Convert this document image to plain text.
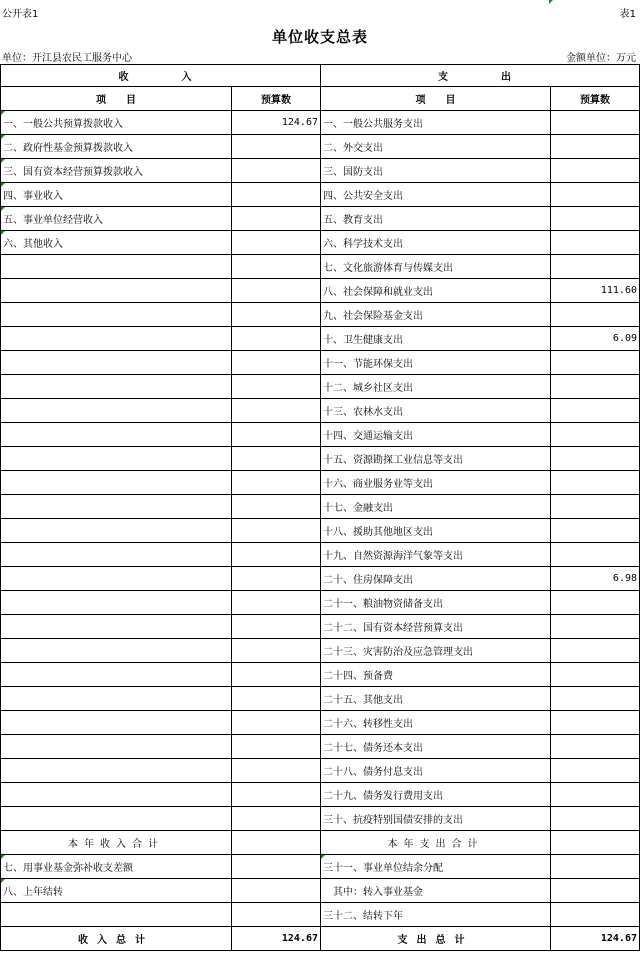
公开表1	表1
单位收支总表
单位：开江县农民工服务中心	金额单位：万元
收　　入		支　　出	
项　　目	预算数	项　　目	预算数
一、一般公共预算拨款收入	124.67	一、一般公共服务支出	
二、政府性基金预算拨款收入		二、外交支出	
三、国有资本经营预算拨款收入		三、国防支出	
四、事业收入		四、公共安全支出	
五、事业单位经营收入		五、教育支出	
六、其他收入		六、科学技术支出	
		七、文化旅游体育与传媒支出	
		八、社会保障和就业支出	111.60
		九、社会保险基金支出	
		十、卫生健康支出	6.09
		十一、节能环保支出	
		十二、城乡社区支出	
		十三、农林水支出	
		十四、交通运输支出	
		十五、资源勘探工业信息等支出	
		十六、商业服务业等支出	
		十七、金融支出	
		十八、援助其他地区支出	
		十九、自然资源海洋气象等支出	
		二十、住房保障支出	6.98
		二十一、粮油物资储备支出	
		二十二、国有资本经营预算支出	
		二十三、灾害防治及应急管理支出	
		二十四、预备费	
		二十五、其他支出	
		二十六、转移性支出	
		二十七、债务还本支出	
		二十八、债务付息支出	
		二十九、债务发行费用支出	
		三十、抗疫特别国债安排的支出	
本年收入合计		本年支出合计	
七、用事业基金弥补收支差额		三十一、事业单位结余分配	
八、上年结转		　其中：转入事业基金	
		三十二、结转下年	
收入总计	124.67	支出总计	124.67
